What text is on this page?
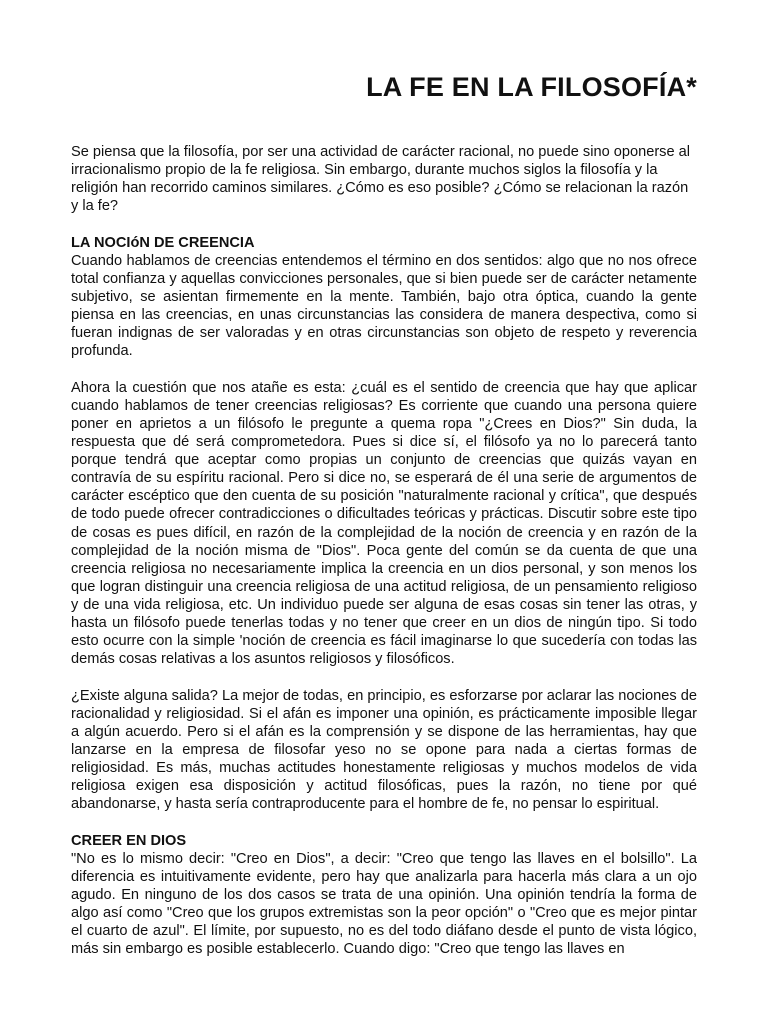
LA FE EN LA FILOSOFÍA*

Se piensa que la filosofía, por ser una actividad de carácter racional, no puede sino oponerse al irracionalismo propio de la fe religiosa. Sin embargo, durante muchos siglos la filosofía y la religión han recorrido caminos similares. ¿Cómo es eso posible? ¿Cómo se relacionan la razón y la fe?

LA NOCIóN DE CREENCIA

Cuando hablamos de creencias entendemos el término en dos sentidos: algo que no nos ofrece total confianza y aquellas convicciones personales, que si bien puede ser de carácter netamente subjetivo, se asientan firmemente en la mente. También, bajo otra óptica, cuando la gente piensa en las creencias, en unas circunstancias las considera de manera despectiva, como si fueran indignas de ser valoradas y en otras circunstancias son objeto de respeto y reverencia profunda.

Ahora la cuestión que nos atañe es esta: ¿cuál es el sentido de creencia que hay que aplicar cuando hablamos de tener creencias religiosas? Es corriente que cuando una persona quiere poner en aprietos a un filósofo le pregunte a quema ropa "¿Crees en Dios?" Sin duda, la respuesta que dé será comprometedora. Pues si dice sí, el filósofo ya no lo parecerá tanto porque tendrá que aceptar como propias un conjunto de creencias que quizás vayan en contravía de su espíritu racional. Pero si dice no, se esperará de él una serie de argumentos de carácter escéptico que den cuenta de su posición "naturalmente racional y crítica", que después de todo puede ofrecer contradicciones o dificultades teóricas y prácticas. Discutir sobre este tipo de cosas es pues difícil, en razón de la complejidad de la noción de creencia y en razón de la complejidad de la noción misma de "Dios". Poca gente del común se da cuenta de que una creencia religiosa no necesariamente implica la creencia en un dios personal, y son menos los que logran distinguir una creencia religiosa de una actitud religiosa, de un pensamiento religioso y de una vida religiosa, etc. Un individuo puede ser alguna de esas cosas sin tener las otras, y hasta un filósofo puede tenerlas todas y no tener que creer en un dios de ningún tipo. Si todo esto ocurre con la simple 'noción de creencia es fácil imaginarse lo que sucedería con todas las demás cosas relativas a los asuntos religiosos y filosóficos.

¿Existe alguna salida? La mejor de todas, en principio, es esforzarse por aclarar las nociones de racionalidad y religiosidad. Si el afán es imponer una opinión, es prácticamente imposible llegar a algún acuerdo. Pero si el afán es la comprensión y se dispone de las herramientas, hay que lanzarse en la empresa de filosofar yeso no se opone para nada a ciertas formas de religiosidad. Es más, muchas actitudes honestamente religiosas y muchos modelos de vida religiosa exigen esa disposición y actitud filosóficas, pues la razón, no tiene por qué abandonarse, y hasta sería contraproducente para el hombre de fe, no pensar lo espiritual.

CREER EN DIOS

"No es lo mismo decir: "Creo en Dios", a decir: "Creo que tengo las llaves en el bolsillo". La diferencia es intuitivamente evidente, pero hay que analizarla para hacerla más clara a un ojo agudo. En ninguno de los dos casos se trata de una opinión. Una opinión tendría la forma de algo así como "Creo que los grupos extremistas son la peor opción" o "Creo que es mejor pintar el cuarto de azul". El límite, por supuesto, no es del todo diáfano desde el punto de vista lógico, más sin embargo es posible establecerlo. Cuando digo: "Creo que tengo las llaves en
